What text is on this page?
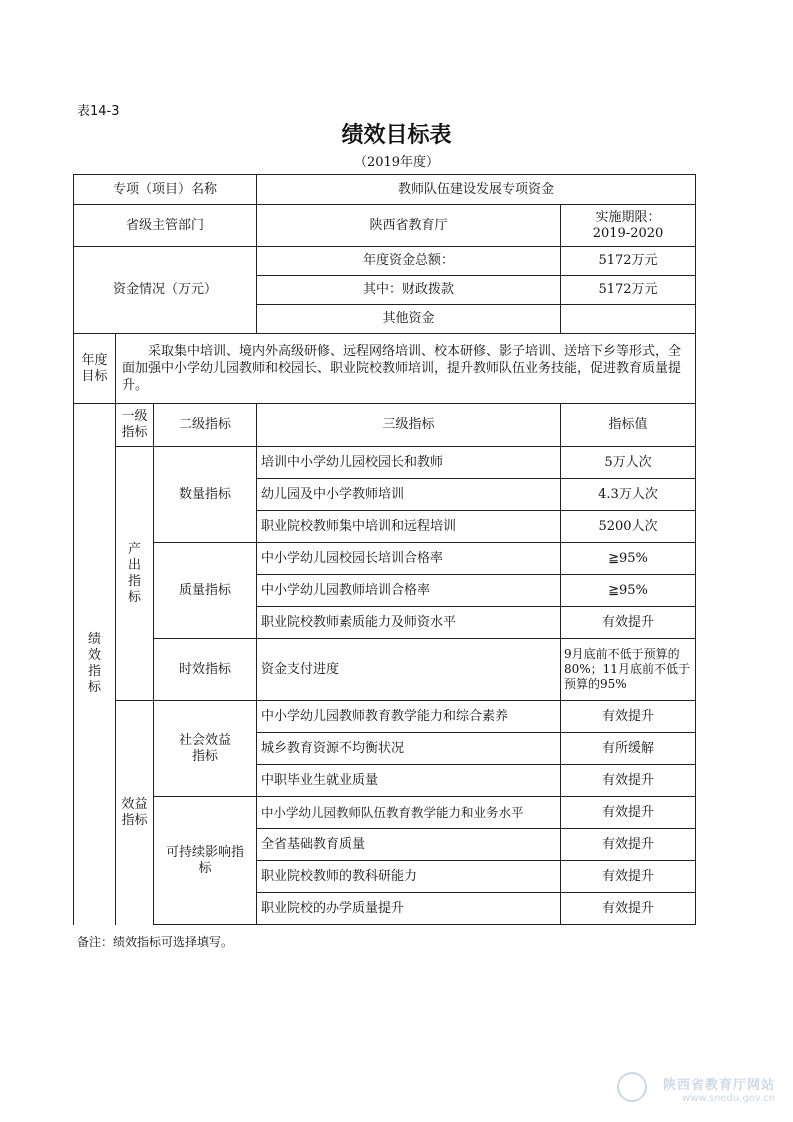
表14-3
绩效目标表
（2019年度）
专项（项目）名称			教师队伍建设发展专项资金	
省级主管部门			陕西省教育厅	实施期限：
2019-2020

资金情况（万元）			年度资金总额：	5172万元
			其中：财政拨款	5172万元
			其他资金	
年度目标	采取集中培训、境内外高级研修、远程网络培训、校本研修、影子培训、送培下乡等形式，全面加强中小学幼儿园教师和校园长、职业院校教师培训，提升教师队伍业务技能，促进教育质量提升。			

绩效指标	一级指标	二级指标	三级指标	指标值

	产出指标	数量指标	培训中小学幼儿园校园长和教师	5万人次
			幼儿园及中小学教师培训	4.3万人次
			职业院校教师集中培训和远程培训	5200人次
		质量指标	中小学幼儿园校园长培训合格率	≧95%
			中小学幼儿园教师培训合格率	≧95%
			职业院校教师素质能力及师资水平	有效提升
		时效指标	资金支付进度	9月底前不低于预算的80%；11月底前不低于预算的95%

	效益指标	社会效益指标	中小学幼儿园教师教育教学能力和综合素养	有效提升
			城乡教育资源不均衡状况	有所缓解
			中职毕业生就业质量	有效提升

		可持续影响指标	中小学幼儿园教师队伍教育教学能力和业务水平	有效提升
			全省基础教育质量	有效提升
			职业院校教师的教科研能力	有效提升
			职业院校的办学质量提升	有效提升
备注：绩效指标可选择填写。
陕西省教育厅网站
www.snedu.gov.cn
